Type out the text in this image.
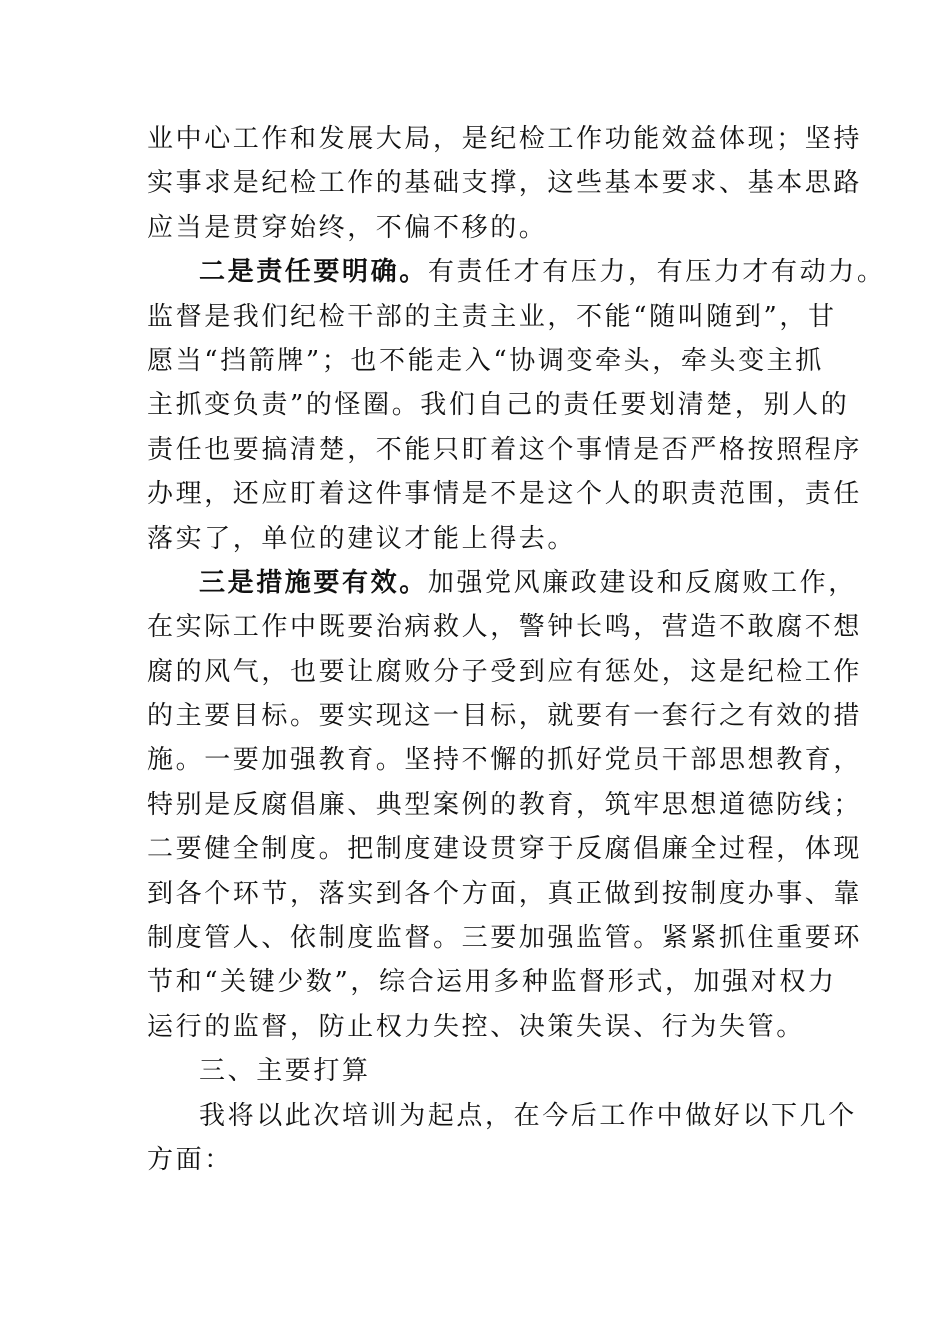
业中心工作和发展大局，是纪检工作功能效益体现；坚持
实事求是纪检工作的基础支撑，这些基本要求、基本思路
应当是贯穿始终，不偏不移的。
二是责任要明确。有责任才有压力，有压力才有动力。
监督是我们纪检干部的主责主业，不能“随叫随到”，甘
愿当“挡箭牌”；也不能走入“协调变牵头，牵头变主抓
主抓变负责”的怪圈。我们自己的责任要划清楚，别人的
责任也要搞清楚，不能只盯着这个事情是否严格按照程序
办理，还应盯着这件事情是不是这个人的职责范围，责任
落实了，单位的建议才能上得去。
三是措施要有效。加强党风廉政建设和反腐败工作，
在实际工作中既要治病救人，警钟长鸣，营造不敢腐不想
腐的风气，也要让腐败分子受到应有惩处，这是纪检工作
的主要目标。要实现这一目标，就要有一套行之有效的措
施。一要加强教育。坚持不懈的抓好党员干部思想教育，
特别是反腐倡廉、典型案例的教育，筑牢思想道德防线；
二要健全制度。把制度建设贯穿于反腐倡廉全过程，体现
到各个环节，落实到各个方面，真正做到按制度办事、靠
制度管人、依制度监督。三要加强监管。紧紧抓住重要环
节和“关键少数”，综合运用多种监督形式，加强对权力
运行的监督，防止权力失控、决策失误、行为失管。
三、主要打算
我将以此次培训为起点，在今后工作中做好以下几个
方面：
